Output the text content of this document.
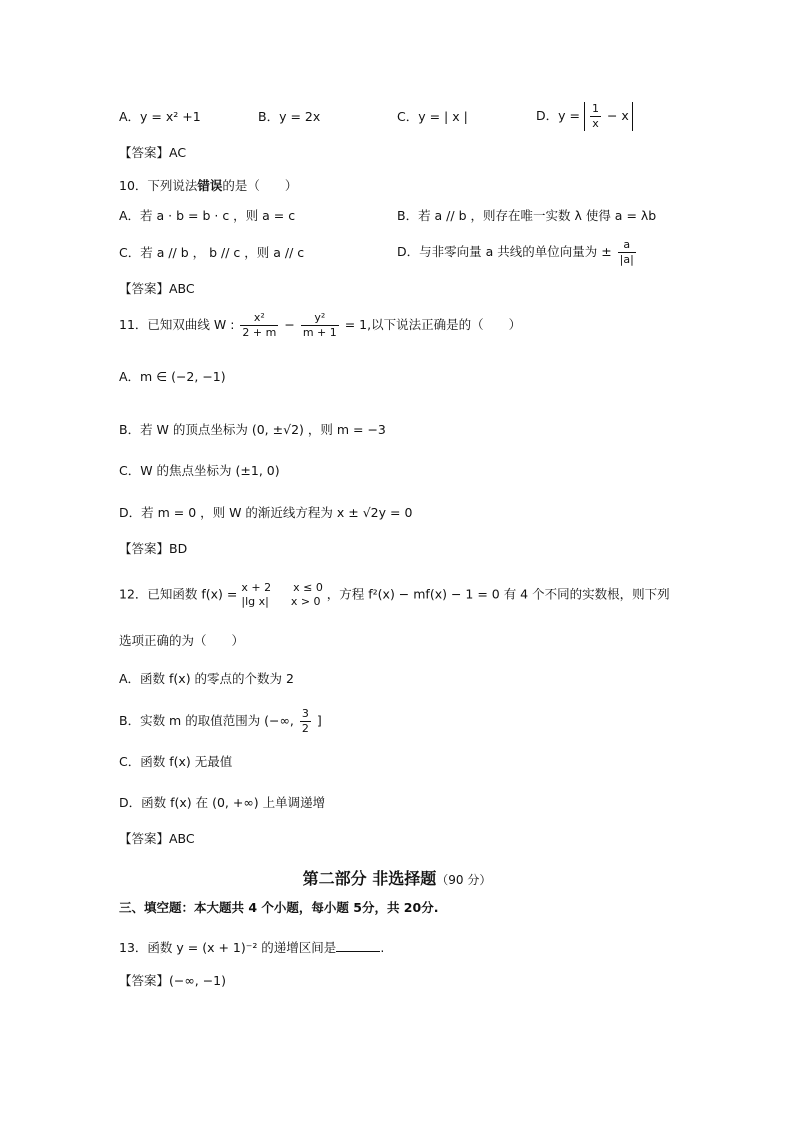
A．y = x² +1	B．y = 2x	C．y = | x |	D．$y = \frac{1}{x} - x$
【答案】AC
10．下列说法错误的是（　　）
A．若 a · b = b · c ，则 a = c	B．若 a // b ，则存在唯一实数 λ 使得 a = λb
C．若 a // b ， b // c ，则 a // c	D．与非零向量 a 共线的单位向量为 ± $\frac{a}{|a|}$
【答案】ABC
11．已知双曲线 W : $\frac{\text{x²}}{2 + m} - \frac{\text{y²}}{m + 1} = 1$,以下说法正确是的（　　）
A．m ∈ (−2, −1)
B．若 W 的顶点坐标为 (0, ±√2) ，则 m = −3
C．W 的焦点坐标为 (±1, 0)
D．若 m = 0 ，则 W 的渐近线方程为 x ± √2y = 0
【答案】BD
12．已知函数 f(x) = x + 2　　x ≤ 0
|lg x|　　x > 0 ，方程 f²(x) − mf(x) − 1 = 0 有 4 个不同的实数根，则下列
选项正确的为（　　）
A．函数 f(x) 的零点的个数为 2
B．实数 m 的取值范围为 (−∞, $\frac{3}{2}$ ]
C．函数 f(x) 无最值
D．函数 f(x) 在 (0, +∞) 上单调递增
【答案】ABC
第二部分 非选择题（90 分）
三、填空题：本大题共 4 个小题，每小题 5分，共 20分.
13．函数 y = (x + 1)⁻² 的递增区间是	.
【答案】(−∞, −1)
